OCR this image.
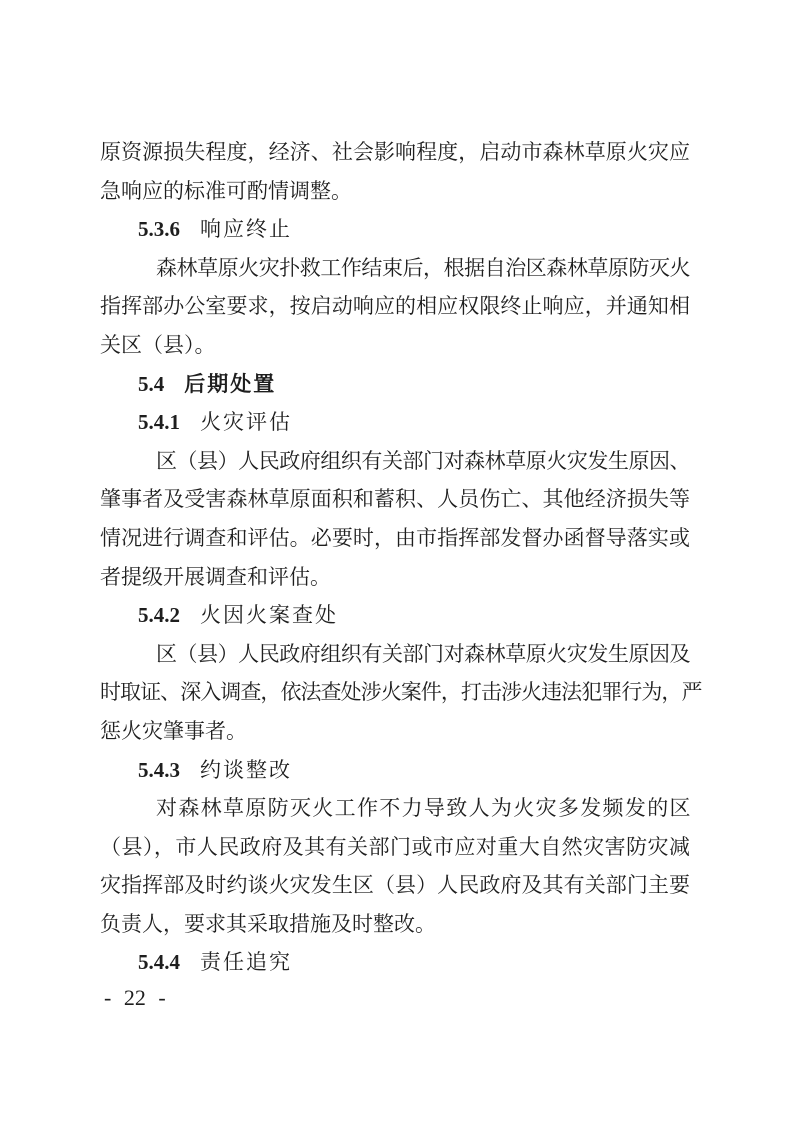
原资源损失程度，经济、社会影响程度，启动市森林草原火灾应
急响应的标准可酌情调整。
5.3.6 响应终止
森林草原火灾扑救工作结束后，根据自治区森林草原防灭火
指挥部办公室要求，按启动响应的相应权限终止响应，并通知相
关区（县）。
5.4 后期处置
5.4.1 火灾评估
区（县）人民政府组织有关部门对森林草原火灾发生原因、
肇事者及受害森林草原面积和蓄积、人员伤亡、其他经济损失等
情况进行调查和评估。必要时，由市指挥部发督办函督导落实或
者提级开展调查和评估。
5.4.2 火因火案查处
区（县）人民政府组织有关部门对森林草原火灾发生原因及
时取证、深入调查，依法查处涉火案件，打击涉火违法犯罪行为，严
惩火灾肇事者。
5.4.3 约谈整改
对森林草原防灭火工作不力导致人为火灾多发频发的区
（县），市人民政府及其有关部门或市应对重大自然灾害防灾减
灾指挥部及时约谈火灾发生区（县）人民政府及其有关部门主要
负责人，要求其采取措施及时整改。
5.4.4 责任追究
- 22 -
